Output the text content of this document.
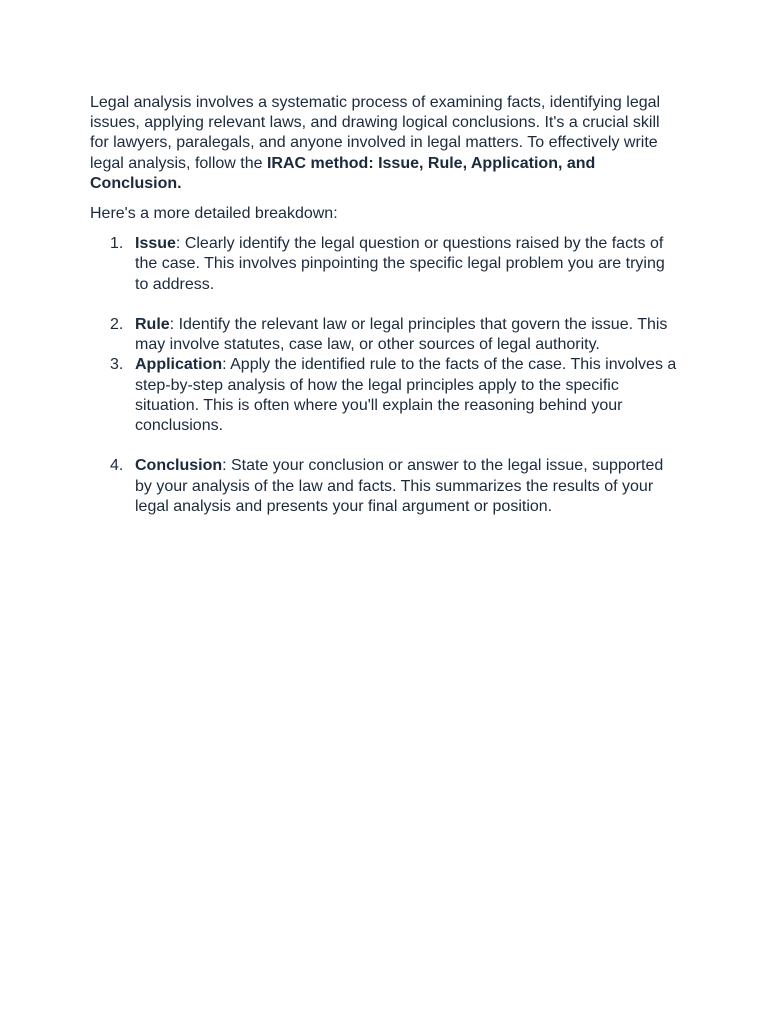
Legal analysis involves a systematic process of examining facts, identifying legal issues, applying relevant laws, and drawing logical conclusions. It's a crucial skill for lawyers, paralegals, and anyone involved in legal matters. To effectively write legal analysis, follow the IRAC method: Issue, Rule, Application, and Conclusion.

Here's a more detailed breakdown:

1. Issue: Clearly identify the legal question or questions raised by the facts of the case. This involves pinpointing the specific legal problem you are trying to address.
2. Rule: Identify the relevant law or legal principles that govern the issue. This may involve statutes, case law, or other sources of legal authority.
3. Application: Apply the identified rule to the facts of the case. This involves a step-by-step analysis of how the legal principles apply to the specific situation. This is often where you'll explain the reasoning behind your conclusions.
4. Conclusion: State your conclusion or answer to the legal issue, supported by your analysis of the law and facts. This summarizes the results of your legal analysis and presents your final argument or position.
